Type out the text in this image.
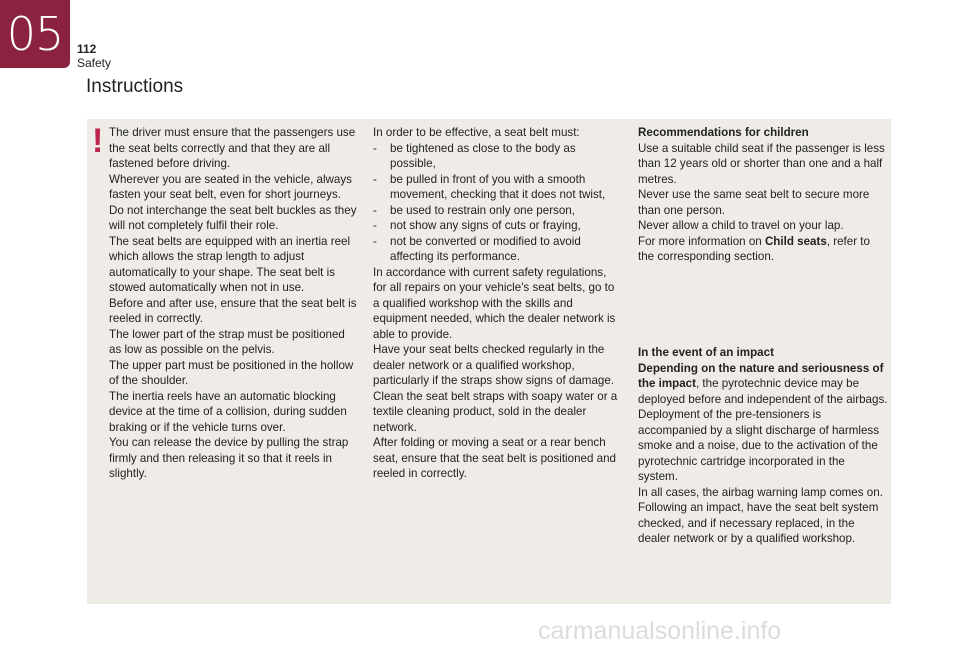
05	112
Safety
Instructions
! The driver must ensure that the passengers use the seat belts correctly and that they are all fastened before driving.

Wherever you are seated in the vehicle, always fasten your seat belt, even for short journeys.

Do not interchange the seat belt buckles as they will not completely fulfil their role.

The seat belts are equipped with an inertia reel which allows the strap length to adjust automatically to your shape. The seat belt is stowed automatically when not in use.

Before and after use, ensure that the seat belt is reeled in correctly.

The lower part of the strap must be positioned as low as possible on the pelvis.

The upper part must be positioned in the hollow of the shoulder.

The inertia reels have an automatic blocking device at the time of a collision, during sudden braking or if the vehicle turns over.

You can release the device by pulling the strap firmly and then releasing it so that it reels in slightly.

In order to be effective, a seat belt must:

- be tightened as close to the body as possible,
- be pulled in front of you with a smooth movement, checking that it does not twist,
- be used to restrain only one person,
- not show any signs of cuts or fraying,
- not be converted or modified to avoid affecting its performance.

In accordance with current safety regulations, for all repairs on your vehicle's seat belts, go to a qualified workshop with the skills and equipment needed, which the dealer network is able to provide.

Have your seat belts checked regularly in the dealer network or a qualified workshop, particularly if the straps show signs of damage.

Clean the seat belt straps with soapy water or a textile cleaning product, sold in the dealer network.

After folding or moving a seat or a rear bench seat, ensure that the seat belt is positioned and reeled in correctly.

Recommendations for children

Use a suitable child seat if the passenger is less than 12 years old or shorter than one and a half metres.

Never use the same seat belt to secure more than one person.

Never allow a child to travel on your lap.

For more information on Child seats, refer to the corresponding section.

In the event of an impact

Depending on the nature and seriousness of the impact, the pyrotechnic device may be deployed before and independent of the airbags. Deployment of the pre-tensioners is accompanied by a slight discharge of harmless smoke and a noise, due to the activation of the pyrotechnic cartridge incorporated in the system.

In all cases, the airbag warning lamp comes on.

Following an impact, have the seat belt system checked, and if necessary replaced, in the dealer network or by a qualified workshop.

carmanualsonline.info
